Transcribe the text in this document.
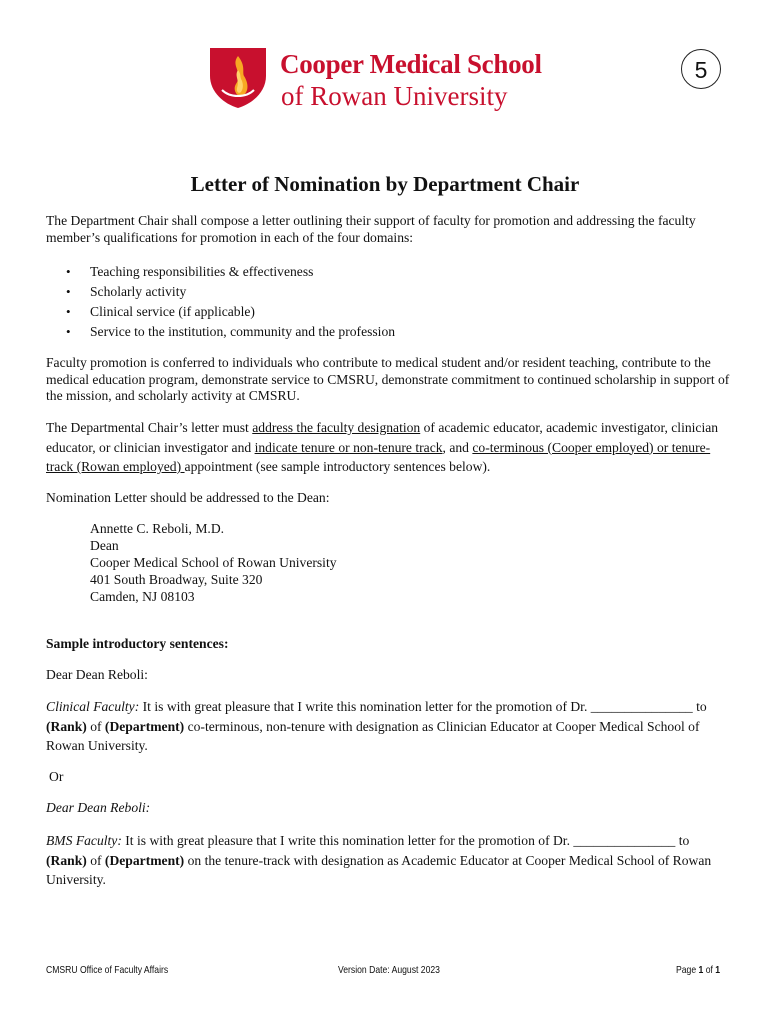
Cooper Medical School
of Rowan University
5
Letter of Nomination by Department Chair
The Department Chair shall compose a letter outlining their support of faculty for promotion and addressing the faculty member’s qualifications for promotion in each of the four domains:
• Teaching responsibilities & effectiveness
• Scholarly activity
• Clinical service (if applicable)
• Service to the institution, community and the profession
Faculty promotion is conferred to individuals who contribute to medical student and/or resident teaching, contribute to the medical education program, demonstrate service to CMSRU, demonstrate commitment to continued scholarship in support of the mission, and scholarly activity at CMSRU.
The Departmental Chair’s letter must address the faculty designation of academic educator, academic investigator, clinician educator, or clinician investigator and indicate tenure or non-tenure track, and co-terminous (Cooper employed) or tenure-track (Rowan employed) appointment (see sample introductory sentences below).
Nomination Letter should be addressed to the Dean:
Annette C. Reboli, M.D.
Dean
Cooper Medical School of Rowan University
401 South Broadway, Suite 320
Camden, NJ 08103
Sample introductory sentences:
Dear Dean Reboli:
Clinical Faculty: It is with great pleasure that I write this nomination letter for the promotion of Dr. _______________ to (Rank) of (Department) co-terminous, non-tenure with designation as Clinician Educator at Cooper Medical School of Rowan University.
Or
Dear Dean Reboli:
BMS Faculty: It is with great pleasure that I write this nomination letter for the promotion of Dr. _______________ to (Rank) of (Department) on the tenure-track with designation as Academic Educator at Cooper Medical School of Rowan University.
CMSRU Office of Faculty Affairs	Version Date: August 2023	Page 1 of 1
